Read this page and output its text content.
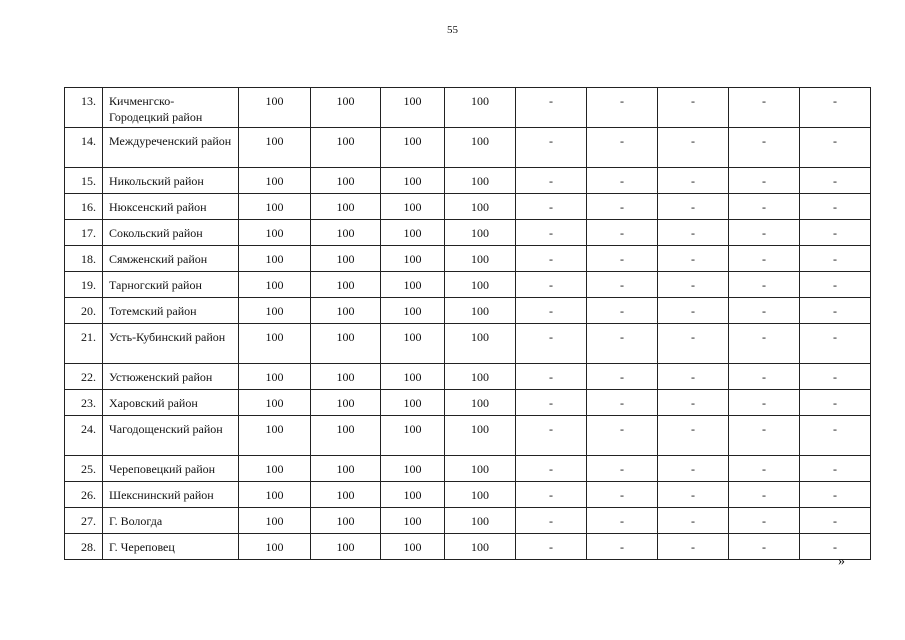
55
13.	Кичменгско-Городецкий район	100	100	100	100	-	-	-	-	-
14.	Междуреченский район	100	100	100	100	-	-	-	-	-
15.	Никольский район	100	100	100	100	-	-	-	-	-
16.	Нюксенский район	100	100	100	100	-	-	-	-	-
17.	Сокольский район	100	100	100	100	-	-	-	-	-
18.	Сямженский район	100	100	100	100	-	-	-	-	-
19.	Тарногский район	100	100	100	100	-	-	-	-	-
20.	Тотемский район	100	100	100	100	-	-	-	-	-
21.	Усть-Кубинский район	100	100	100	100	-	-	-	-	-
22.	Устюженский район	100	100	100	100	-	-	-	-	-
23.	Харовский район	100	100	100	100	-	-	-	-	-
24.	Чагодощенский район	100	100	100	100	-	-	-	-	-
25.	Череповецкий район	100	100	100	100	-	-	-	-	-
26.	Шекснинский район	100	100	100	100	-	-	-	-	-
27.	Г. Вологда	100	100	100	100	-	-	-	-	-
28.	Г. Череповец	100	100	100	100	-	-	-	-	-
»
